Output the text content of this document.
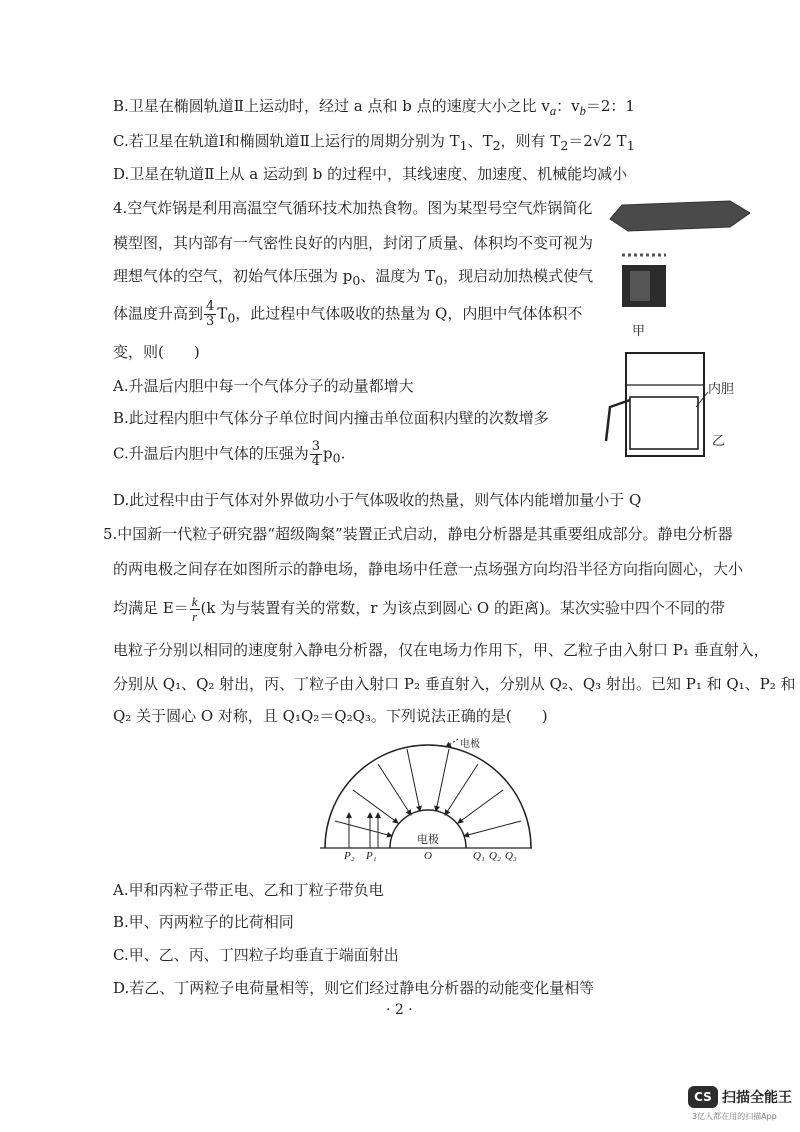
B.卫星在椭圆轨道Ⅱ上运动时，经过 a 点和 b 点的速度大小之比 $v_a$：$v_b=2$：1
C.若卫星在轨道Ⅰ和椭圆轨道Ⅱ上运行的周期分别为 $T_1$、$T_2$，则有 $T_2=2√2$ $T_1$
D.卫星在轨道Ⅱ上从 a 运动到 b 的过程中，其线速度、加速度、机械能均减小
4.空气炸锅是利用高温空气循环技术加热食物。图为某型号空气炸锅简化
模型图，其内部有一气密性良好的内胆，封闭了质量、体积均不变可视为
理想气体的空气，初始气体压强为 $p_0$、温度为 $T_0$，现启动加热模式使气
体温度升高到 $\frac{4}{3} T_0$，此过程中气体吸收的热量为 Q，内胆中气体体积不
变，则(　　)
A.升温后内胆中每一个气体分子的动量都增大
B.此过程内胆中气体分子单位时间内撞击单位面积内壁的次数增多
C.升温后内胆中气体的压强为 $\frac{3}{4} p_0$.
D.此过程中由于气体对外界做功小于气体吸收的热量，则气体内能增加量小于 Q
甲
内胆
乙
5.中国新一代粒子研究器“超级陶粲”装置正式启动，静电分析器是其重要组成部分。静电分析器
的两电极之间存在如图所示的静电场，静电场中任意一点场强方向均沿半径方向指向圆心，大小
均满足 $E= \frac{k}{r} (k$ 为与装置有关的常数，r 为该点到圆心 O 的距离)。某次实验中四个不同的带
电粒子分别以相同的速度射入静电分析器，仅在电场力作用下，甲、乙粒子由入射口 P₁ 垂直射入，
分别从 Q₁、Q₂ 射出，丙、丁粒子由入射口 P₂ 垂直射入，分别从 Q₂、Q₃ 射出。已知 P₁ 和 Q₁、P₂ 和
Q₂ 关于圆心 O 对称，且 Q₁Q₂＝Q₂Q₃。下列说法正确的是(　　)
电极
电极
P₂ P₁	O	Q₁ Q₂ Q₃
A.甲和丙粒子带正电、乙和丁粒子带负电
B.甲、丙两粒子的比荷相同
C.甲、乙、丙、丁四粒子均垂直于端面射出
D.若乙、丁两粒子电荷量相等，则它们经过静电分析器的动能变化量相等
· 2 ·
CS 扫描全能王
3亿人都在用的扫描App
